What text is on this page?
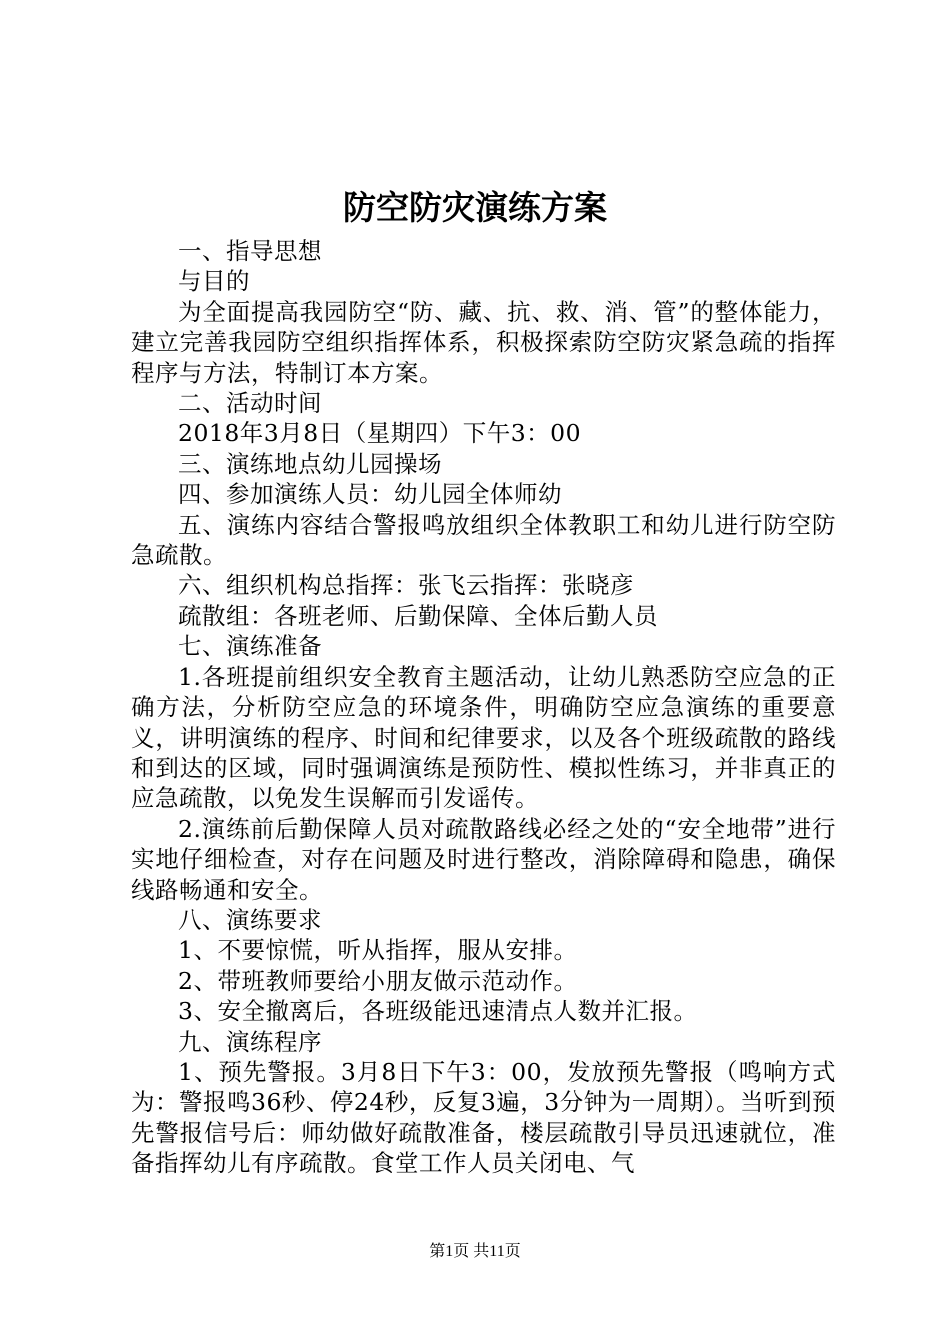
防空防灾演练方案

一、指导思想

与目的

为全面提高我园防空“防、藏、抗、救、消、管”的整体能力，建立完善我园防空组织指挥体系，积极探索防空防灾紧急疏的指挥程序与方法，特制订本方案。

二、活动时间

2018年3月8日（星期四）下午3：00

三、演练地点幼儿园操场

四、参加演练人员：幼儿园全体师幼

五、演练内容结合警报鸣放组织全体教职工和幼儿进行防空防急疏散。

六、组织机构总指挥：张飞云指挥：张晓彦

疏散组：各班老师、后勤保障、全体后勤人员

七、演练准备

1.各班提前组织安全教育主题活动，让幼儿熟悉防空应急的正确方法，分析防空应急的环境条件，明确防空应急演练的重要意义，讲明演练的程序、时间和纪律要求，以及各个班级疏散的路线和到达的区域，同时强调演练是预防性、模拟性练习，并非真正的应急疏散，以免发生误解而引发谣传。

2.演练前后勤保障人员对疏散路线必经之处的“安全地带”进行实地仔细检查，对存在问题及时进行整改，消除障碍和隐患，确保线路畅通和安全。

八、演练要求

1、不要惊慌，听从指挥，服从安排。

2、带班教师要给小朋友做示范动作。

3、安全撤离后，各班级能迅速清点人数并汇报。

九、演练程序

1、预先警报。3月8日下午3：00，发放预先警报（鸣响方式为：警报鸣36秒、停24秒，反复3遍，3分钟为一周期）。当听到预先警报信号后：师幼做好疏散准备，楼层疏散引导员迅速就位，准备指挥幼儿有序疏散。食堂工作人员关闭电、气

第1页 共11页
